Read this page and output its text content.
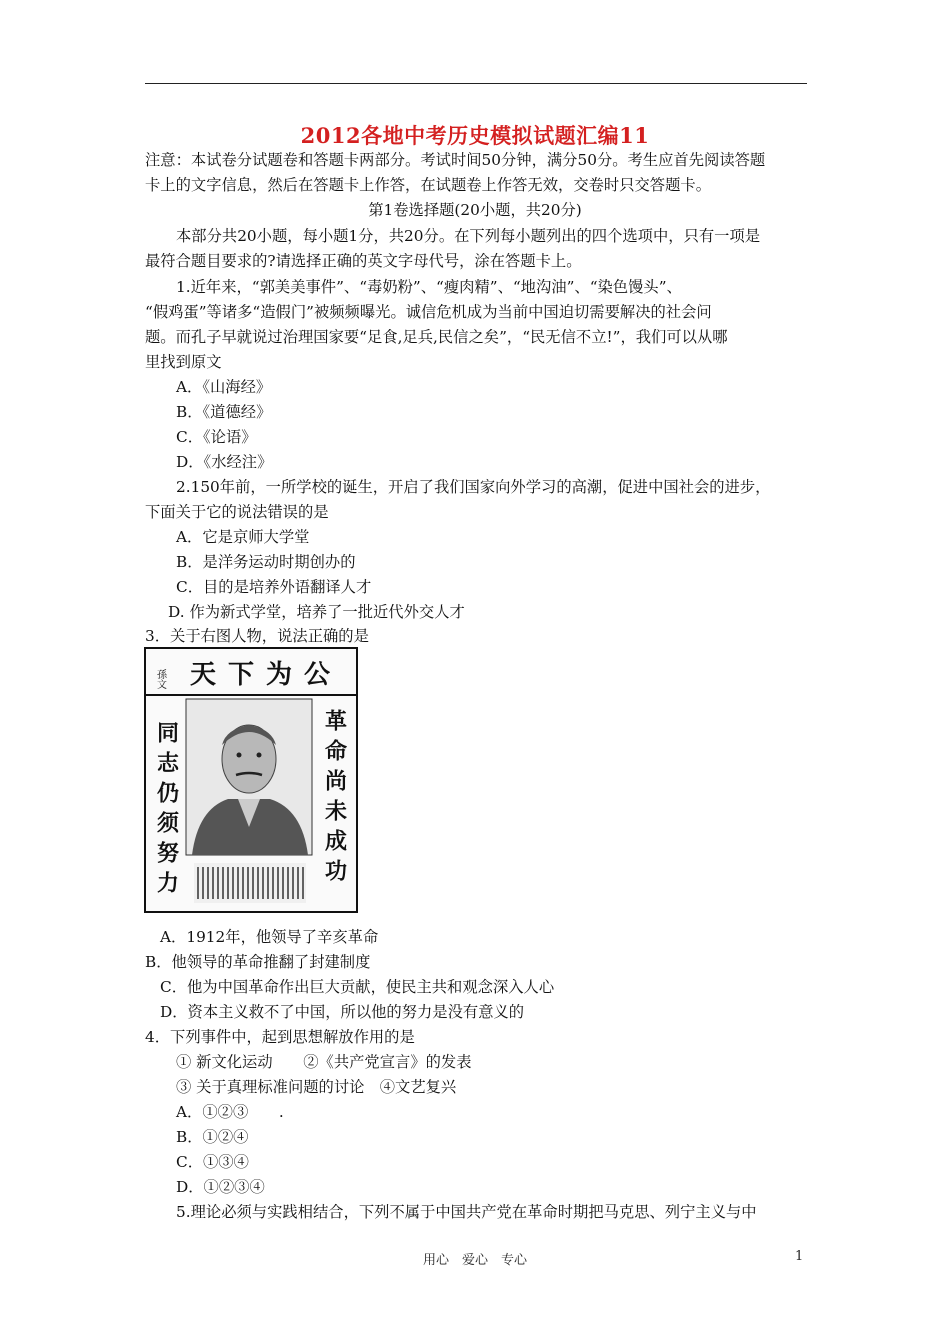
2012各地中考历史模拟试题汇编11
注意：本试卷分试题卷和答题卡两部分。考试时间50分钟，满分50分。考生应首先阅读答题
卡上的文字信息，然后在答题卡上作答，在试题卷上作答无效，交卷时只交答题卡。
第1卷选择题(20小题，共20分)
本部分共20小题，每小题1分，共20分。在下列每小题列出的四个选项中，只有一项是
最符合题目要求的?请选择正确的英文字母代号，涂在答题卡上。
1.近年来，“郭美美事件”、“毒奶粉”、“瘦肉精”、“地沟油”、“染色馒头”、
“假鸡蛋”等诸多“造假门”被频频曝光。诚信危机成为当前中国迫切需要解决的社会问
题。而孔子早就说过治理国家要“足食,足兵,民信之矣”，“民无信不立!”，我们可以从哪
里找到原文
A．《山海经》
B．《道德经》
C．《论语》
D．《水经注》
2.150年前，一所学校的诞生，开启了我们国家向外学习的高潮，促进中国社会的进步，
下面关于它的说法错误的是
A．它是京师大学堂
B．是洋务运动时期创办的
C．目的是培养外语翻译人才
D. 作为新式学堂，培养了一批近代外交人才
3．关于右图人物，说法正确的是
孫文 天下为公
同志仍须努力	革命尚未成功
A．1912年，他领导了辛亥革命
B．他领导的革命推翻了封建制度
C．他为中国革命作出巨大贡献，使民主共和观念深入人心
D．资本主义救不了中国，所以他的努力是没有意义的
4．下列事件中，起到思想解放作用的是
① 新文化运动　　②《共产党宣言》的发表
③ 关于真理标准问题的讨论　④文艺复兴
A．①②③　　.
B．①②④
C．①③④
D．①②③④
5.理论必须与实践相结合，下列不属于中国共产党在革命时期把马克思、列宁主义与中
用心　爱心　专心	1
